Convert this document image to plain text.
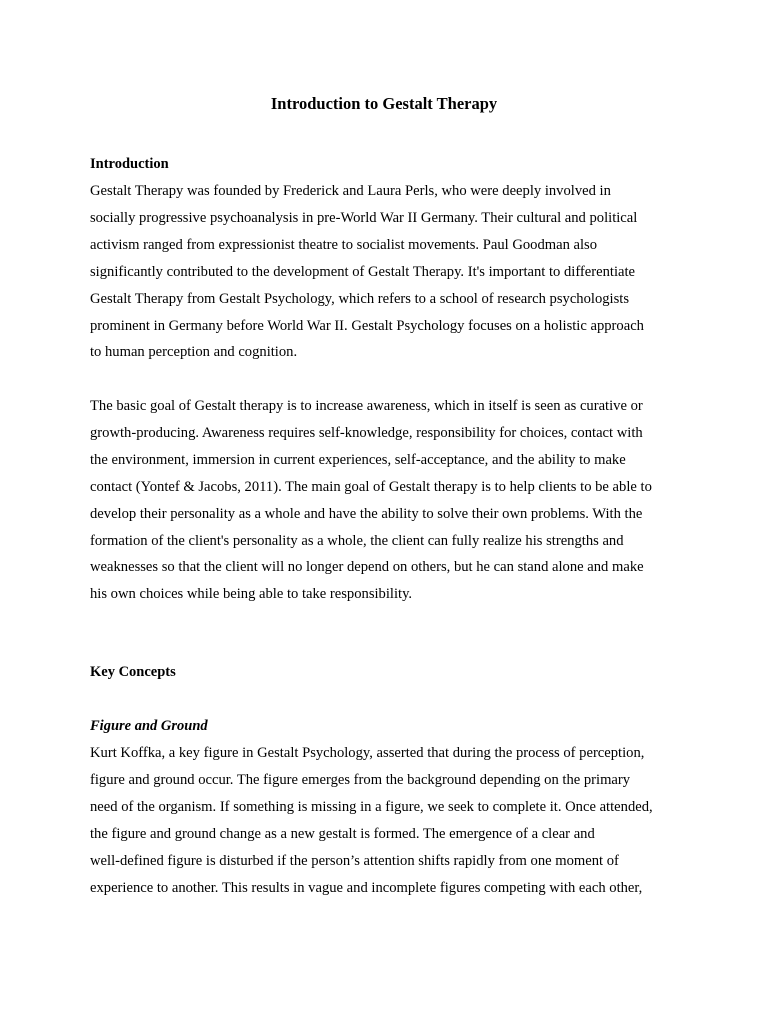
Introduction to Gestalt Therapy
Introduction
Gestalt Therapy was founded by Frederick and Laura Perls, who were deeply involved in
socially progressive psychoanalysis in pre-World War II Germany. Their cultural and political
activism ranged from expressionist theatre to socialist movements. Paul Goodman also
significantly contributed to the development of Gestalt Therapy. It's important to differentiate
Gestalt Therapy from Gestalt Psychology, which refers to a school of research psychologists
prominent in Germany before World War II. Gestalt Psychology focuses on a holistic approach
to human perception and cognition.
The basic goal of Gestalt therapy is to increase awareness, which in itself is seen as curative or
growth-producing. Awareness requires self-knowledge, responsibility for choices, contact with
the environment, immersion in current experiences, self-acceptance, and the ability to make
contact (Yontef & Jacobs, 2011). The main goal of Gestalt therapy is to help clients to be able to
develop their personality as a whole and have the ability to solve their own problems. With the
formation of the client's personality as a whole, the client can fully realize his strengths and
weaknesses so that the client will no longer depend on others, but he can stand alone and make
his own choices while being able to take responsibility.
Key Concepts
Figure and Ground
Kurt Koffka, a key figure in Gestalt Psychology, asserted that during the process of perception,
figure and ground occur. The figure emerges from the background depending on the primary
need of the organism. If something is missing in a figure, we seek to complete it. Once attended,
the figure and ground change as a new gestalt is formed. The emergence of a clear and
well-defined figure is disturbed if the person’s attention shifts rapidly from one moment of
experience to another. This results in vague and incomplete figures competing with each other,
